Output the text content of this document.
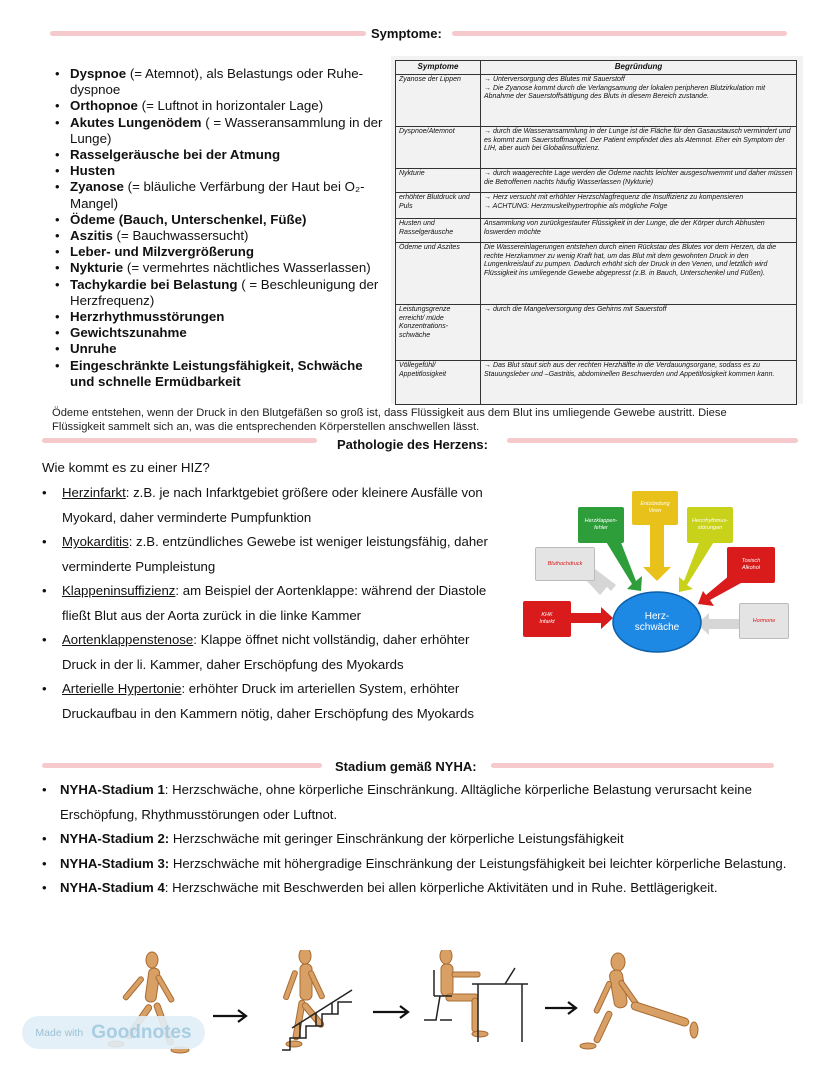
Symptome:
• Dyspnoe (= Atemnot), als Belastungs oder Ruhe-dyspnoe
• Orthopnoe (= Luftnot in horizontaler Lage)
• Akutes Lungenödem ( = Wasseransammlung in der Lunge)
• Rasselgeräusche bei der Atmung
• Husten
• Zyanose (= bläuliche Verfärbung der Haut bei O₂-Mangel)
• Ödeme (Bauch, Unterschenkel, Füße)
• Aszitis (= Bauchwassersucht)
• Leber- und Milzvergrößerung
• Nykturie (= vermehrtes nächtliches Wasserlassen)
• Tachykardie bei Belastung ( = Beschleunigung der Herzfrequenz)
• Herzrhythmusstörungen
• Gewichtszunahme
• Unruhe
• Eingeschränkte Leistungsfähigkeit, Schwäche und schnelle Ermüdbarkeit
Symptome	Begründung
Zyanose der Lippen	→ Unterversorgung des Blutes mit Sauerstoff
→ Die Zyanose kommt durch die Verlangsamung der lokalen peripheren Blutzirkulation mit Abnahme der Sauerstoffsättigung des Bluts in diesem Bereich zustande.
Dyspnoe/Atemnot	→ durch die Wasseransammlung in der Lunge ist die Fläche für den Gasaustausch vermindert und es kommt zum Sauerstoffmangel. Der Patient empfindet dies als Atemnot. Eher ein Symptom der LIH, aber auch bei Globalinsuffizienz.
Nykturie	→ durch waagerechte Lage werden die Ödeme nachts leichter ausgeschwemmt und daher müssen die Betroffenen nachts häufig Wasserlassen (Nykturie)
erhöhter Blutdruck und Puls	→ Herz versucht mit erhöhter Herzschlagfrequenz die Insuffizienz zu kompensieren
→ ACHTUNG: Herzmuskelhypertrophie als mögliche Folge
Husten und Rasselgeräusche	Ansammlung von zurückgestauter Flüssigkeit in der Lunge, die der Körper durch Abhusten loswerden möchte
Ödeme und Aszites	Die Wassereinlagerungen entstehen durch einen Rückstau des Blutes vor dem Herzen, da die rechte Herzkammer zu wenig Kraft hat, um das Blut mit dem gewohnten Druck in den Lungenkreislauf zu pumpen. Dadurch erhöht sich der Druck in den Venen, und letztlich wird Flüssigkeit ins umliegende Gewebe abgepresst (z.B. in Bauch, Unterschenkel und Füßen).
Leistungsgrenze erreicht/ müde Konzentrations-schwäche	→ durch die Mangelversorgung des Gehirns mit Sauerstoff
Völlegefühl/ Appetitlosigkeit	→ Das Blut staut sich aus der rechten Herzhälfte in die Verdauungsorgane, sodass es zu Stauungsleber und –Gastritis, abdominellen Beschwerden und Appetitlosigkeit kommen kann.
Ödeme entstehen, wenn der Druck in den Blutgefäßen so groß ist, dass Flüssigkeit aus dem Blut ins umliegende Gewebe austritt. Diese Flüssigkeit sammelt sich an, was die entsprechenden Körperstellen anschwellen lässt.
Pathologie des Herzens:
Wie kommt es zu einer HIZ?
• Herzinfarkt: z.B. je nach Infarktgebiet größere oder kleinere Ausfälle von Myokard, daher verminderte Pumpfunktion
• Myokarditis: z.B. entzündliches Gewebe ist weniger leistungsfähig, daher verminderte Pumpleistung
• Klappeninsuffizienz: am Beispiel der Aortenklappe: während der Diastole fließt Blut aus der Aorta zurück in die linke Kammer
• Aortenklappenstenose: Klappe öffnet nicht vollständig, daher erhöhter Druck in der li. Kammer, daher Erschöpfung des Myokards
• Arterielle Hypertonie: erhöhter Druck im arteriellen System, erhöhter Druckaufbau in den Kammern nötig, daher Erschöpfung des Myokards
KHK
Infarkt
Bluthochdruck
Herzklappen-
fehler
Entzündung
Viren
Herzrhythmus-
störungen
Toxisch
Alkohol
Hormone
Herz-
schwäche
Stadium gemäß NYHA:
• NYHA-Stadium 1: Herzschwäche, ohne körperliche Einschränkung. Alltägliche körperliche Belastung verursacht keine Erschöpfung, Rhythmusstörungen oder Luftnot.
• NYHA-Stadium 2: Herzschwäche mit geringer Einschränkung der körperliche Leistungsfähigkeit
• NYHA-Stadium 3: Herzschwäche mit höhergradige Einschränkung der Leistungsfähigkeit bei leichter körperliche Belastung.
• NYHA-Stadium 4: Herzschwäche mit Beschwerden bei allen körperliche Aktivitäten und in Ruhe. Bettlägerigkeit.
Made with Goodnotes
